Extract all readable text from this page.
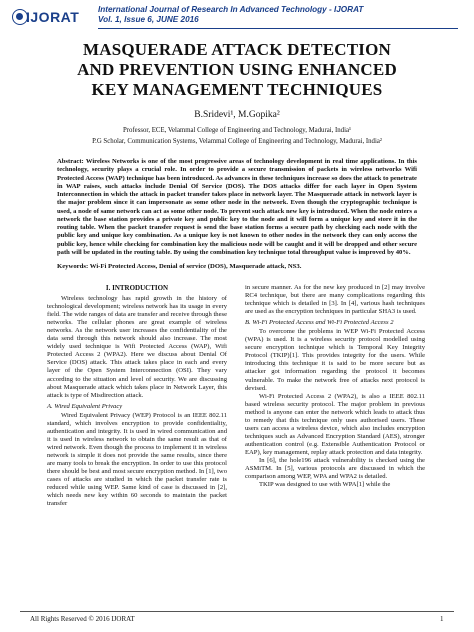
IJORAT International Journal of Research In Advanced Technology - IJORAT
Vol. 1, Issue 6, JUNE 2016
MASQUERADE ATTACK DETECTION
AND PREVENTION USING ENHANCED
KEY MANAGEMENT TECHNIQUES
B.Sridevi¹, M.Gopika²
Professor, ECE, Velammal College of Engineering and Technology, Madurai, India¹
P.G Scholar, Communication Systems, Velammal College of Engineering and Technology, Madurai, India²
Abstract: Wireless Networks is one of the most progressive areas of technology development in real time applications. In this technology, security plays a crucial role. In order to provide a secure transmission of packets in wireless networks Wifi Protected Access (WAP) technique has been introduced. As advances in these techniques increase so does the attack to penetrate in WAP raises, such attacks include Denial Of Service (DOS). The DOS attacks differ for each layer in Open System Interconnection in which the attack in packet transfer takes place in network layer. The Masquerade attack in network layer is the major problem since it can impersonate as some other node in the network. Even though the cryptographic technique is used, a node of same network can act as some other node. To prevent such attack new key is introduced. When the node enters a network the base station provides a private key and public key to the node and it will form a unique key and store it in the routing table. When the packet transfer request is send the base station forms a secure path by checking each node with the public key and unique key combination. As a unique key is not known to other nodes in the network they can only access the public key, hence while checking for combination key the malicious node will be caught and it will be dropped and other secure path will be updated in the routing table. By using the combination key technique total throughput value is improved by 40%.
Keywords: Wi-Fi Protected Access, Denial of service (DOS), Masquerade attack, NS3.
I. INTRODUCTION

Wireless technology has rapid growth in the history of technological development; wireless network has its usage in every field. The wide ranges of data are transfer and receive through these networks. The cellular phones are great example of wireless networks. As the network user increases the confidentiality of the data send through this network should also increase. The most widely used technique is Wifi Protected Access (WAP), Wifi Protected Access 2 (WPA2). Here we discuss about Denial Of Service (DOS) attack. This attack takes place in each and every layer of the Open System Interconnection (OSI). They vary according to the situation and level of security. We are discussing about Masquerade attack which takes place in Network Layer, this attack is type of Misdirection attack.

A. Wired Equivalent Privacy

Wired Equivalent Privacy (WEP) Protocol is an IEEE 802.11 standard, which involves encryption to provide confidentiality, authentication and integrity. It is used in wired communication and it is used in wireless network to obtain the same result as that of wired network. Even though the process to implement it in wireless network is simple it does not provide the same results, since there are many tools to break the encryption. In order to use this protocol there should be best and most secure encryption method. In [1], two cases of attacks are studied in which the packet transfer rate is reduced while using WEP. Same kind of case is discussed in [2], which needs new key within 60 seconds to maintain the packet transfer

in secure manner. As for the new key produced in [2] may involve RC4 technique, but there are many complications regarding this technique which is detailed in [3]. In [4], various hash techniques are used as the encryption techniques in particular SHA3 is used.

B. Wi-Fi Protected Access and Wi-Fi Protected Access 2

To overcome the problems in WEP Wi-Fi Protected Access (WPA) is used. It is a wireless security protocol modelled using secure encryption technique which is Temporal Key Integrity Protocol (TKIP)[1]. This provides integrity for the users. While introducing this technique it is said to be more secure but as attacker got information regarding the protocol it becomes vulnerable. To make the network free of attacks next protocol is devised.

Wi-Fi Protected Access 2 (WPA2), is also a IEEE 802.11 based wireless security protocol. The major problem in previous method is anyone can enter the network which leads to attack thus to remedy that this technique only uses authorised users. These users can access a wireless device, which also includes encryption techniques such as Advanced Encryption Standard (AES), stronger authentication control (e.g. Extensible Authentication Protocol or EAP), key management, replay attack protection and data integrity.

In [6], the hole196 attack vulnerability is checked using the ASMiTM. In [5], various protocols are discussed in which the comparison among WEP, WPA and WPA2 is detailed.

TKIP was designed to use with WPA[1] while the

All Rights Reserved © 2016 IJORAT	1
